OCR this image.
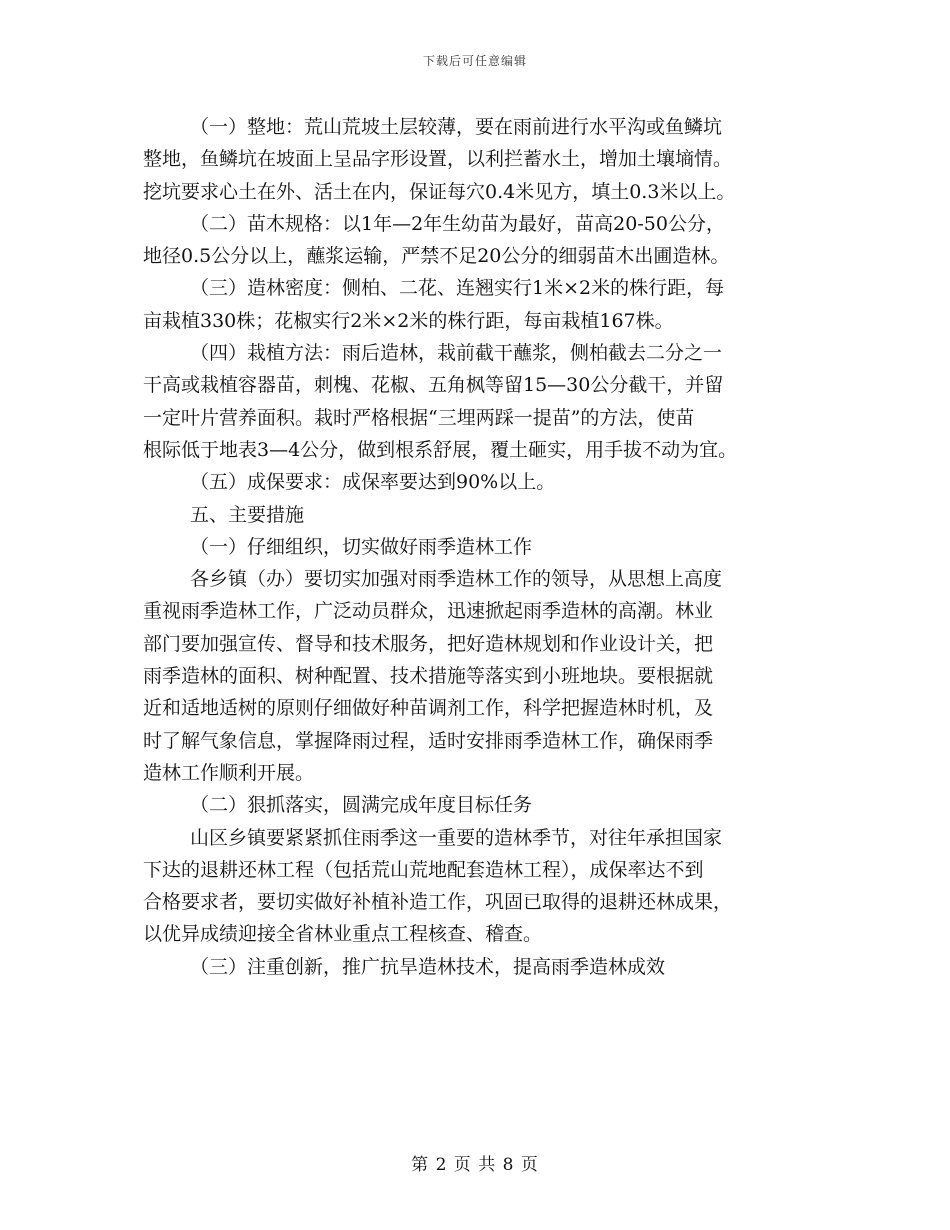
下载后可任意编辑
（一）整地：荒山荒坡土层较薄，要在雨前进行水平沟或鱼鳞坑
整地，鱼鳞坑在坡面上呈品字形设置，以利拦蓄水土，增加土壤墒情。
挖坑要求心土在外、活土在内，保证每穴0.4米见方，填土0.3米以上。
（二）苗木规格：以1年—2年生幼苗为最好，苗高20-50公分，
地径0.5公分以上，蘸浆运输，严禁不足20公分的细弱苗木出圃造林。
（三）造林密度：侧柏、二花、连翘实行1米×2米的株行距，每
亩栽植330株；花椒实行2米×2米的株行距，每亩栽植167株。
（四）栽植方法：雨后造林，栽前截干蘸浆，侧柏截去二分之一
干高或栽植容器苗，刺槐、花椒、五角枫等留15—30公分截干，并留
一定叶片营养面积。栽时严格根据“三埋两踩一提苗”的方法，使苗
根际低于地表3—4公分，做到根系舒展，覆土砸实，用手拔不动为宜。
（五）成保要求：成保率要达到90%以上。
五、主要措施
（一）仔细组织，切实做好雨季造林工作
各乡镇（办）要切实加强对雨季造林工作的领导，从思想上高度
重视雨季造林工作，广泛动员群众，迅速掀起雨季造林的高潮。林业
部门要加强宣传、督导和技术服务，把好造林规划和作业设计关，把
雨季造林的面积、树种配置、技术措施等落实到小班地块。要根据就
近和适地适树的原则仔细做好种苗调剂工作，科学把握造林时机，及
时了解气象信息，掌握降雨过程，适时安排雨季造林工作，确保雨季
造林工作顺利开展。
（二）狠抓落实，圆满完成年度目标任务
山区乡镇要紧紧抓住雨季这一重要的造林季节，对往年承担国家
下达的退耕还林工程（包括荒山荒地配套造林工程），成保率达不到
合格要求者，要切实做好补植补造工作，巩固已取得的退耕还林成果，
以优异成绩迎接全省林业重点工程核查、稽查。
（三）注重创新，推广抗旱造林技术，提高雨季造林成效
第 2 页 共 8 页
